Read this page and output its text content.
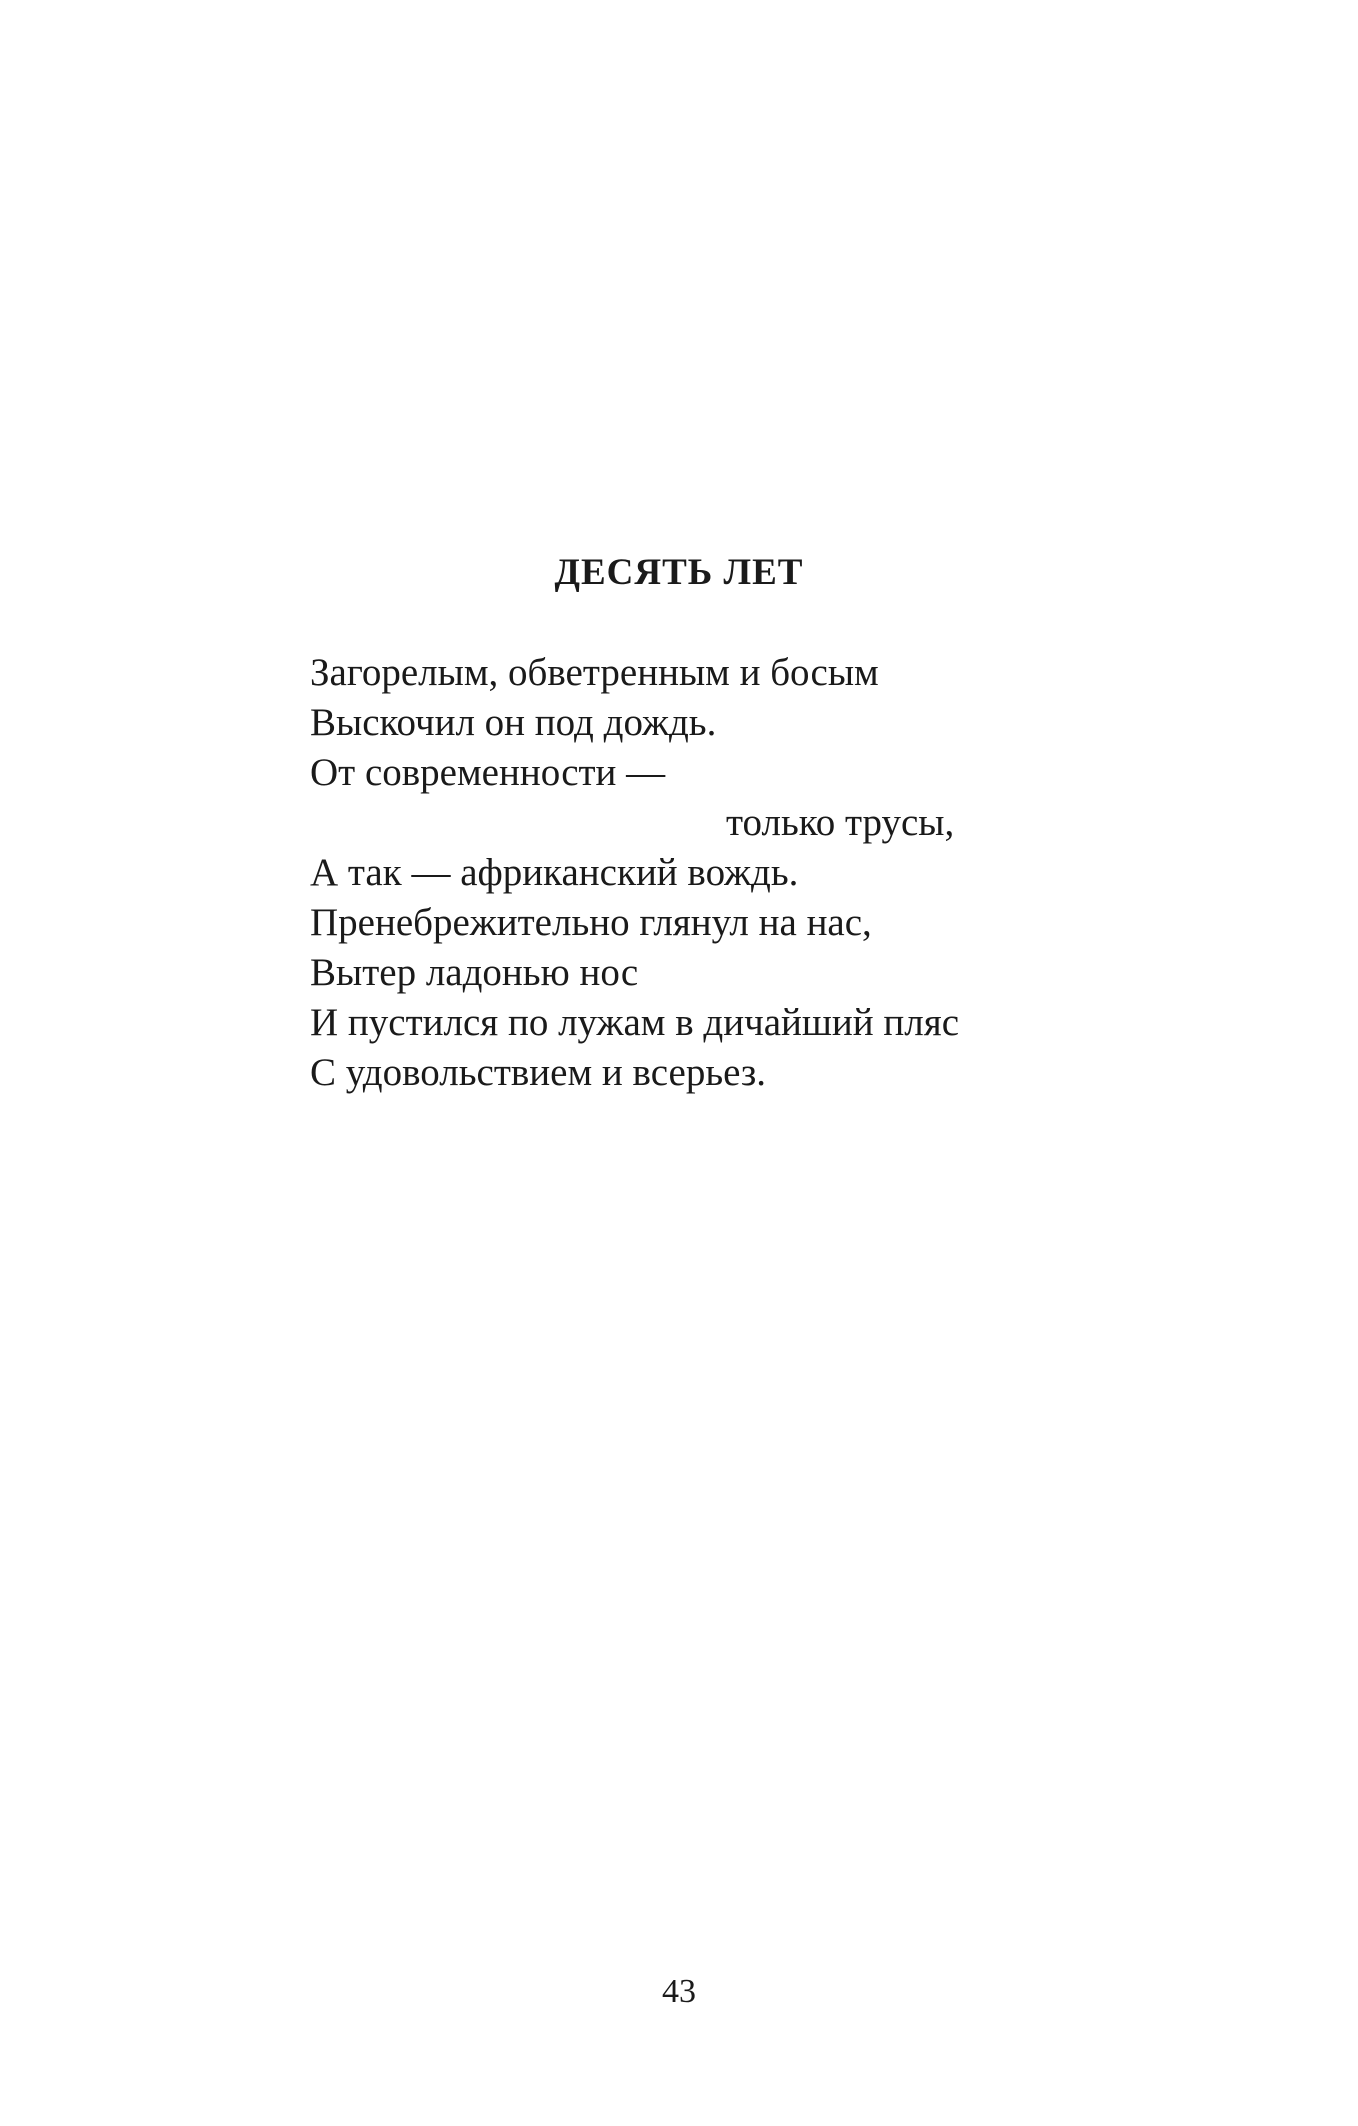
ДЕСЯТЬ ЛЕТ
Загорелым, обветренным и босым
Выскочил он под дождь.
От современности —
только трусы,
А так — африканский вождь.
Пренебрежительно глянул на нас,
Вытер ладонью нос
И пустился по лужам в дичайший пляс
С удовольствием и всерьез.
43
